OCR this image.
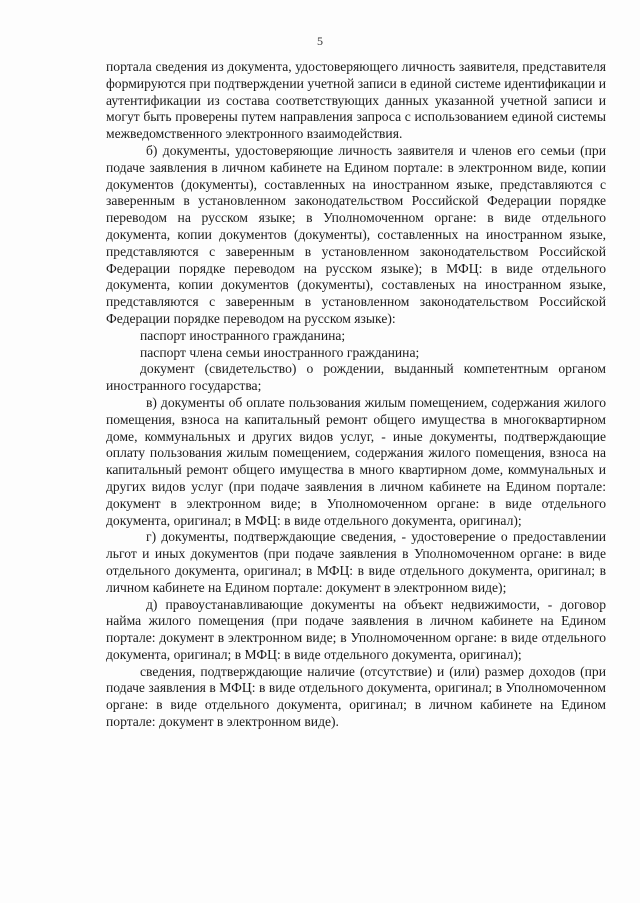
5

портала сведения из документа, удостоверяющего личность заявителя, представителя формируются при подтверждении учетной записи в единой системе идентификации и аутентификации из состава соответствующих данных указанной учетной записи и могут быть проверены путем направления запроса с использованием единой системы межведомственного электронного взаимодействия.

б) документы, удостоверяющие личность заявителя и членов его семьи (при подаче заявления в личном кабинете на Едином портале: в электронном виде, копии документов (документы), составленных на иностранном языке, представляются с заверенным в установленном законодательством Российской Федерации порядке переводом на русском языке; в Уполномоченном органе: в виде отдельного документа, копии документов (документы), составленных на иностранном языке, представляются с заверенным в установленном законодательством Российской Федерации порядке переводом на русском языке); в МФЦ: в виде отдельного документа, копии документов (документы), составленых на иностранном языке, представляются с заверенным в установленном законодательством Российской Федерации порядке переводом на русском языке):

паспорт иностранного гражданина;

паспорт члена семьи иностранного гражданина;

документ (свидетельство) о рождении, выданный компетентным органом иностранного государства;

в) документы об оплате пользования жилым помещением, содержания жилого помещения, взноса на капитальный ремонт общего имущества в многоквартирном доме, коммунальных и других видов услуг, - иные документы, подтверждающие оплату пользования жилым помещением, содержания жилого помещения, взноса на капитальный ремонт общего имущества в много квартирном доме, коммунальных и других видов услуг (при подаче заявления в личном кабинете на Едином портале: документ в электронном виде; в Уполномоченном органе: в виде отдельного документа, оригинал; в МФЦ: в виде отдельного документа, оригинал);

г) документы, подтверждающие сведения, - удостоверение о предоставлении льгот и иных документов (при подаче заявления в Уполномоченном органе: в виде отдельного документа, оригинал; в МФЦ: в виде отдельного документа, оригинал; в личном кабинете на Едином портале: документ в электронном виде);

д) правоустанавливающие документы на объект недвижимости, - договор найма жилого помещения (при подаче заявления в личном кабинете на Едином портале: документ в электронном виде; в Уполномоченном органе: в виде отдельного документа, оригинал; в МФЦ: в виде отдельного документа, оригинал);

сведения, подтверждающие наличие (отсутствие) и (или) размер доходов (при подаче заявления в МФЦ: в виде отдельного документа, оригинал; в Уполномоченном органе: в виде отдельного документа, оригинал; в личном кабинете на Едином портале: документ в электронном виде).
